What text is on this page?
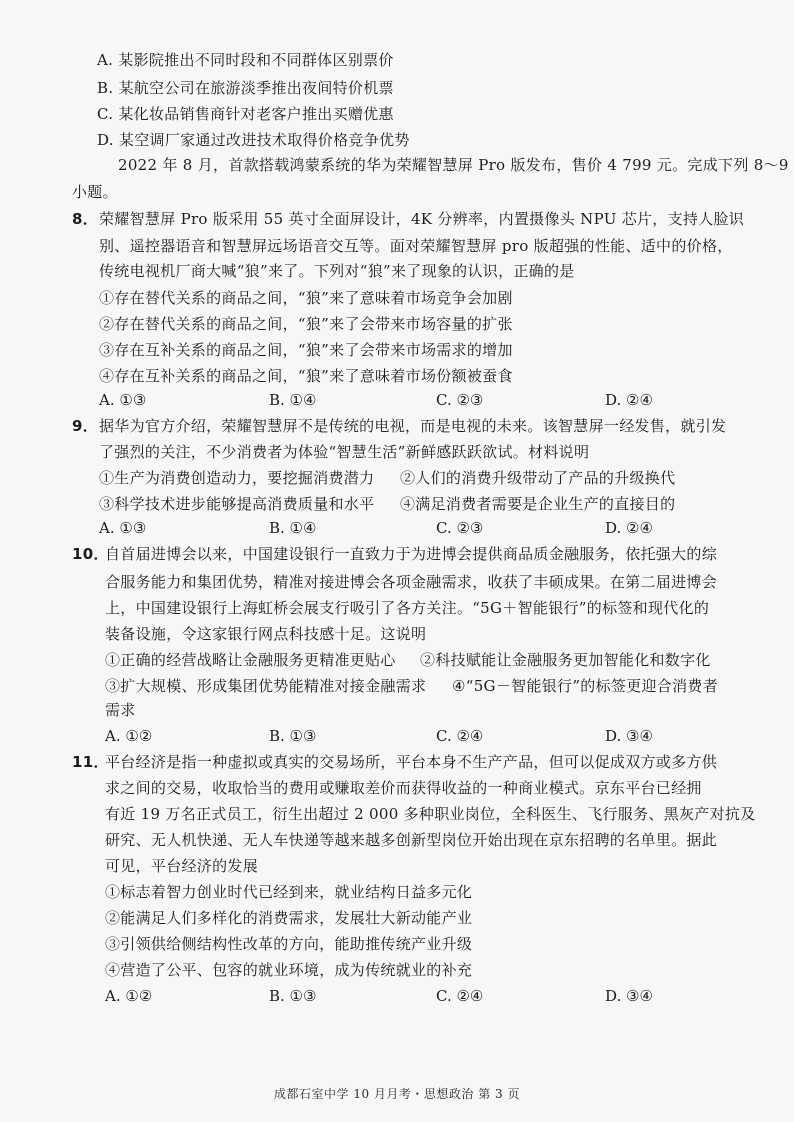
A. 某影院推出不同时段和不同群体区别票价
B. 某航空公司在旅游淡季推出夜间特价机票
C. 某化妆品销售商针对老客户推出买赠优惠
D. 某空调厂家通过改进技术取得价格竞争优势
2022 年 8 月，首款搭载鸿蒙系统的华为荣耀智慧屏 Pro 版发布，售价 4 799 元。完成下列 8～9
小题。
8． 荣耀智慧屏 Pro 版采用 55 英寸全面屏设计，4K 分辨率，内置摄像头 NPU 芯片，支持人脸识
别、遥控器语音和智慧屏远场语音交互等。面对荣耀智慧屏 pro 版超强的性能、适中的价格，
传统电视机厂商大喊“狼”来了。下列对“狼”来了现象的认识，正确的是
①存在替代关系的商品之间，“狼”来了意味着市场竞争会加剧
②存在替代关系的商品之间，“狼”来了会带来市场容量的扩张
③存在互补关系的商品之间，“狼”来了会带来市场需求的增加
④存在互补关系的商品之间，“狼”来了意味着市场份额被蚕食
A. ①③	B. ①④	C. ②③	D. ②④
9． 据华为官方介绍，荣耀智慧屏不是传统的电视，而是电视的未来。该智慧屏一经发售，就引发
了强烈的关注，不少消费者为体验“智慧生活”新鲜感跃跃欲试。材料说明
①生产为消费创造动力，要挖掘消费潜力 ②人们的消费升级带动了产品的升级换代
③科学技术进步能够提高消费质量和水平 ④满足消费者需要是企业生产的直接目的
A. ①③	B. ①④	C. ②③	D. ②④
10．
自首届进博会以来，中国建设银行一直致力于为进博会提供商品质金融服务，依托强大的综
合服务能力和集团优势，精准对接进博会各项金融需求，收获了丰硕成果。在第二届进博会
上，中国建设银行上海虹桥会展支行吸引了各方关注。“5G＋智能银行”的标签和现代化的
装备设施，令这家银行网点科技感十足。这说明
①正确的经营战略让金融服务更精准更贴心 ②科技赋能让金融服务更加智能化和数字化
③扩大规模、形成集团优势能精准对接金融需求 ④“5G－智能银行”的标签更迎合消费者
需求
A. ①②	B. ①③	C. ②④	D. ③④
11．
平台经济是指一种虚拟或真实的交易场所，平台本身不生产产品，但可以促成双方或多方供
求之间的交易，收取恰当的费用或赚取差价而获得收益的一种商业模式。京东平台已经拥
有近 19 万名正式员工，衍生出超过 2 000 多种职业岗位，全科医生、飞行服务、黑灰产对抗及
研究、无人机快递、无人车快递等越来越多创新型岗位开始出现在京东招聘的名单里。据此
可见，平台经济的发展
①标志着智力创业时代已经到来，就业结构日益多元化
②能满足人们多样化的消费需求，发展壮大新动能产业
③引领供给侧结构性改革的方向，能助推传统产业升级
④营造了公平、包容的就业环境，成为传统就业的补充
A. ①②	B. ①③	C. ②④	D. ③④
成都石室中学 10 月月考・思想政治 第 3 页
